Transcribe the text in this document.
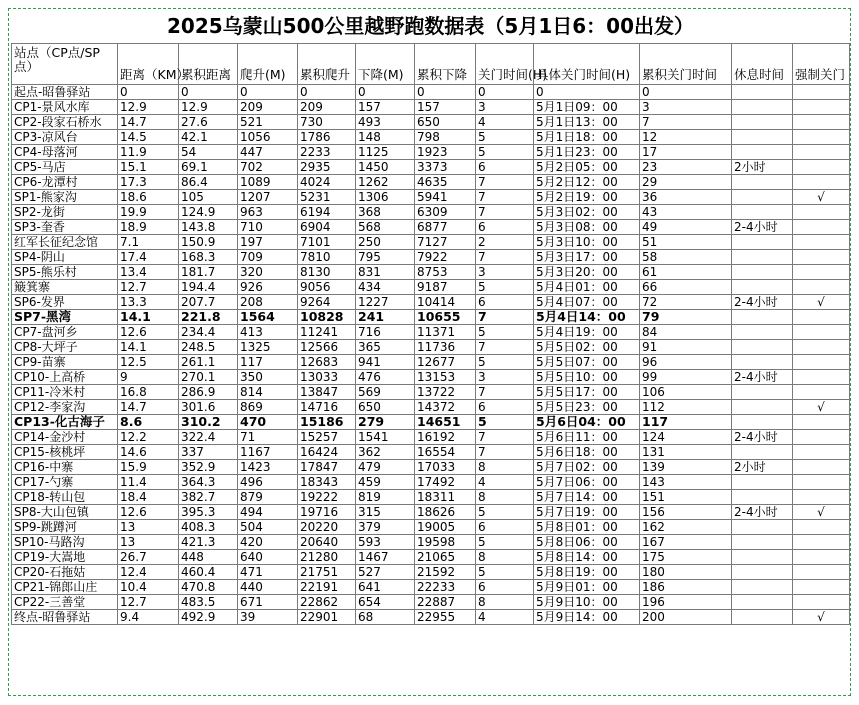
2025乌蒙山500公里越野跑数据表（5月1日6：00出发）
站点（CP点/SP点）	距离（KM）	累积距离	爬升(M)	累积爬升	下降(M)	累积下降	关门时间(H)	具体关门时间(H)	累积关门时间	休息时间	强制关门
起点-昭鲁驿站	0	0	0	0	0	0	0	0	0		
CP1-景风水库	12.9	12.9	209	209	157	157	3	5月1日09：00	3		
CP2-段家石桥水	14.7	27.6	521	730	493	650	4	5月1日13：00	7		
CP3-凉风台	14.5	42.1	1056	1786	148	798	5	5月1日18：00	12		
CP4-母落河	11.9	54	447	2233	1125	1923	5	5月1日23：00	17		
CP5-马店	15.1	69.1	702	2935	1450	3373	6	5月2日05：00	23	2小时	
CP6-龙潭村	17.3	86.4	1089	4024	1262	4635	7	5月2日12：00	29		
SP1-熊家沟	18.6	105	1207	5231	1306	5941	7	5月2日19：00	36		√
SP2-龙街	19.9	124.9	963	6194	368	6309	7	5月3日02：00	43		
SP3-奎香	18.9	143.8	710	6904	568	6877	6	5月3日08：00	49	2-4小时	
红军长征纪念馆	7.1	150.9	197	7101	250	7127	2	5月3日10：00	51		
SP4-阴山	17.4	168.3	709	7810	795	7922	7	5月3日17：00	58		
SP5-熊乐村	13.4	181.7	320	8130	831	8753	3	5月3日20：00	61		
簸箕寨	12.7	194.4	926	9056	434	9187	5	5月4日01：00	66		
SP6-发界	13.3	207.7	208	9264	1227	10414	6	5月4日07：00	72	2-4小时	√
SP7-黑湾	14.1	221.8	1564	10828	241	10655	7	5月4日14：00	79		
CP7-盘河乡	12.6	234.4	413	11241	716	11371	5	5月4日19：00	84		
CP8-大坪子	14.1	248.5	1325	12566	365	11736	7	5月5日02：00	91		
CP9-苗寨	12.5	261.1	117	12683	941	12677	5	5月5日07：00	96		
CP10-上高桥	9	270.1	350	13033	476	13153	3	5月5日10：00	99	2-4小时	
CP11-冷米村	16.8	286.9	814	13847	569	13722	7	5月5日17：00	106		
CP12-李家沟	14.7	301.6	869	14716	650	14372	6	5月5日23：00	112		√
CP13-化古海子	8.6	310.2	470	15186	279	14651	5	5月6日04：00	117		
CP14-金沙村	12.2	322.4	71	15257	1541	16192	7	5月6日11：00	124	2-4小时	
CP15-核桃坪	14.6	337	1167	16424	362	16554	7	5月6日18：00	131		
CP16-中寨	15.9	352.9	1423	17847	479	17033	8	5月7日02：00	139	2小时	
CP17-勺寨	11.4	364.3	496	18343	459	17492	4	5月7日06：00	143		
CP18-转山包	18.4	382.7	879	19222	819	18311	8	5月7日14：00	151		
SP8-大山包镇	12.6	395.3	494	19716	315	18626	5	5月7日19：00	156	2-4小时	√
SP9-跳蹲河	13	408.3	504	20220	379	19005	6	5月8日01：00	162		
SP10-马路沟	13	421.3	420	20640	593	19598	5	5月8日06：00	167		
CP19-大嵩地	26.7	448	640	21280	1467	21065	8	5月8日14：00	175		
CP20-石拖姑	12.4	460.4	471	21751	527	21592	5	5月8日19：00	180		
CP21-锦郎山庄	10.4	470.8	440	22191	641	22233	6	5月9日01：00	186		
CP22-三善堂	12.7	483.5	671	22862	654	22887	8	5月9日10：00	196		
终点-昭鲁驿站	9.4	492.9	39	22901	68	22955	4	5月9日14：00	200		√
